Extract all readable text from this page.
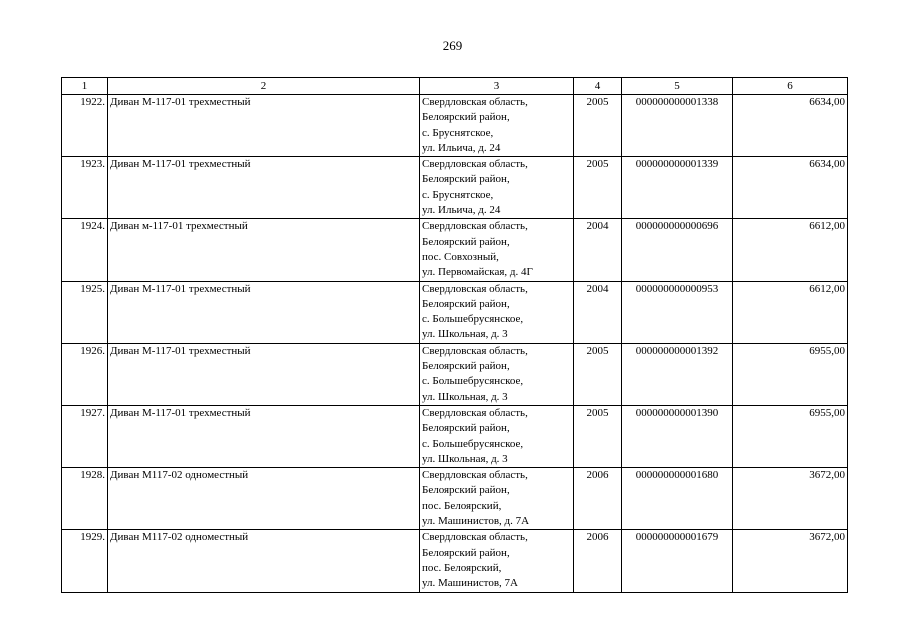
269
1	2	3	4	5	6
1922.	Диван М-117-01 трехместный	Свердловская область,
Белоярский район,
с. Бруснятское,
ул. Ильича, д. 24	2005	000000000001338	6634,00
1923.	Диван М-117-01 трехместный	Свердловская область,
Белоярский район,
с. Бруснятское,
ул. Ильича, д. 24	2005	000000000001339	6634,00
1924.	Диван м-117-01 трехместный	Свердловская область,
Белоярский район,
пос. Совхозный,
ул. Первомайская, д. 4Г	2004	000000000000696	6612,00
1925.	Диван М-117-01 трехместный	Свердловская область,
Белоярский район,
с. Большебрусянское,
ул. Школьная, д. 3	2004	000000000000953	6612,00
1926.	Диван М-117-01 трехместный	Свердловская область,
Белоярский район,
с. Большебрусянское,
ул. Школьная, д. 3	2005	000000000001392	6955,00
1927.	Диван М-117-01 трехместный	Свердловская область,
Белоярский район,
с. Большебрусянское,
ул. Школьная, д. 3	2005	000000000001390	6955,00
1928.	Диван М117-02 одноместный	Свердловская область,
Белоярский район,
пос. Белоярский,
ул. Машинистов, д. 7А	2006	000000000001680	3672,00
1929.	Диван М117-02 одноместный	Свердловская область,
Белоярский район,
пос. Белоярский,
ул. Машинистов, 7А	2006	000000000001679	3672,00
